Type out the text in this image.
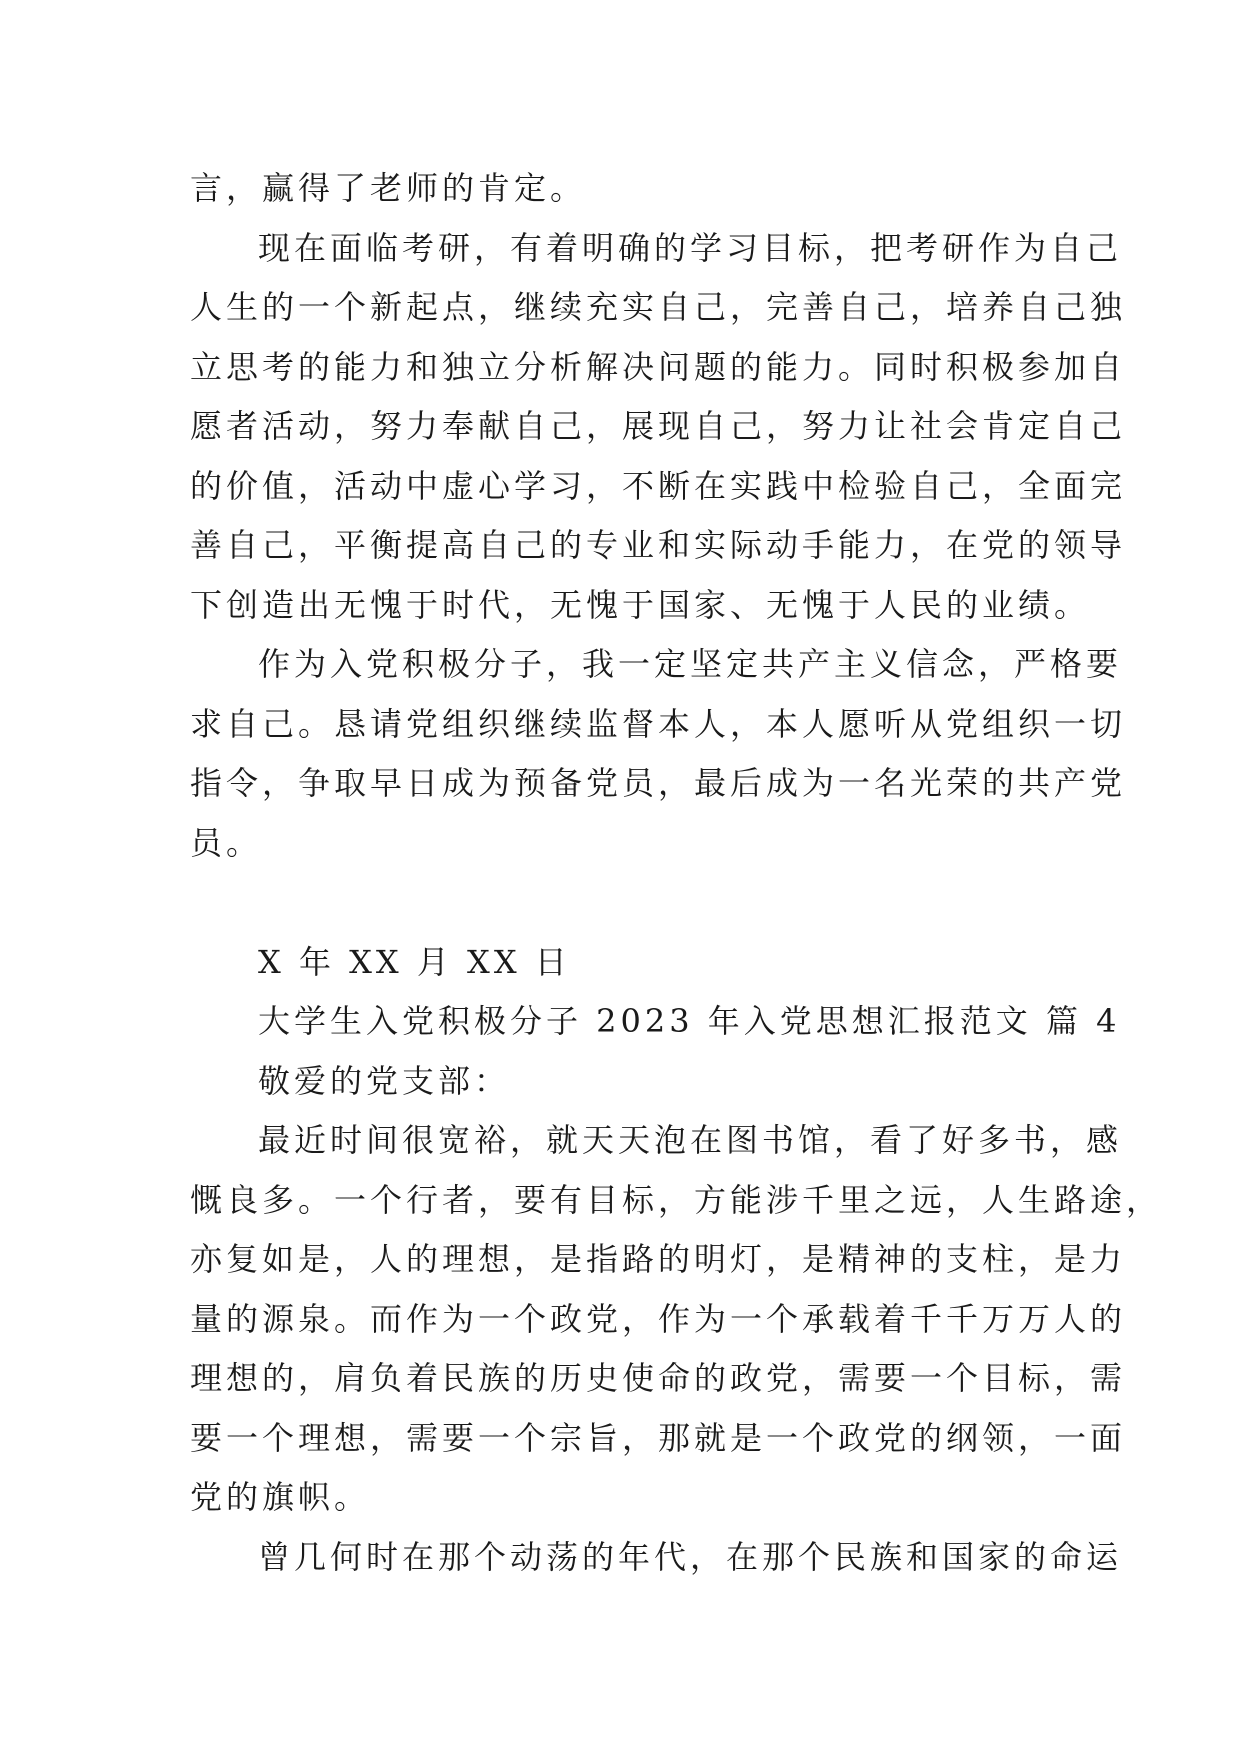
言，赢得了老师的肯定。
现在面临考研，有着明确的学习目标，把考研作为自己
人生的一个新起点，继续充实自己，完善自己，培养自己独
立思考的能力和独立分析解决问题的能力。同时积极参加自
愿者活动，努力奉献自己，展现自己，努力让社会肯定自己
的价值，活动中虚心学习，不断在实践中检验自己，全面完
善自己，平衡提高自己的专业和实际动手能力，在党的领导
下创造出无愧于时代，无愧于国家、无愧于人民的业绩。
作为入党积极分子，我一定坚定共产主义信念，严格要
求自己。恳请党组织继续监督本人，本人愿听从党组织一切
指令，争取早日成为预备党员，最后成为一名光荣的共产党
员。
X 年 XX 月 XX 日
大学生入党积极分子 2023 年入党思想汇报范文 篇 4
敬爱的党支部：
最近时间很宽裕，就天天泡在图书馆，看了好多书，感
慨良多。一个行者，要有目标，方能涉千里之远，人生路途，
亦复如是，人的理想，是指路的明灯，是精神的支柱，是力
量的源泉。而作为一个政党，作为一个承载着千千万万人的
理想的，肩负着民族的历史使命的政党，需要一个目标，需
要一个理想，需要一个宗旨，那就是一个政党的纲领，一面
党的旗帜。
曾几何时在那个动荡的年代，在那个民族和国家的命运
